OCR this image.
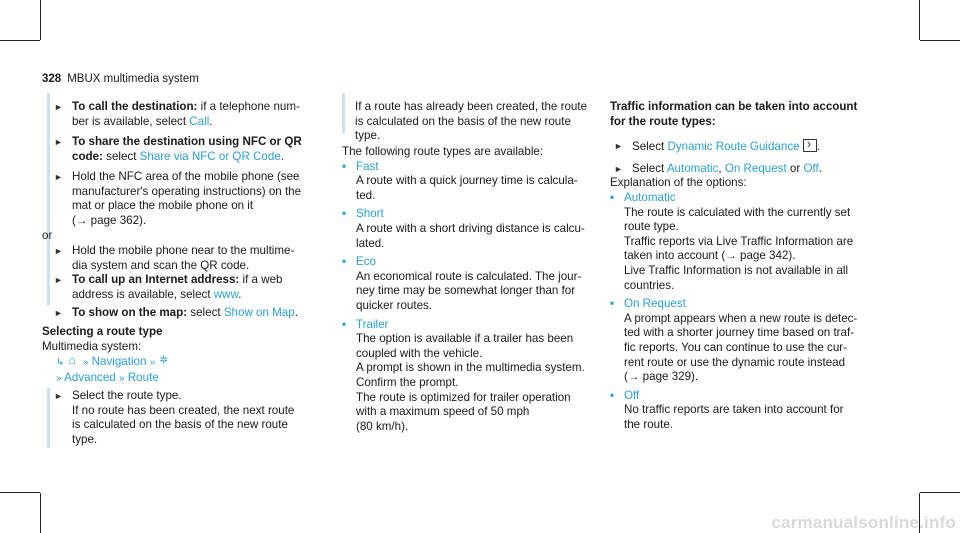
328 MBUX multimedia system
► To call the destination: if a telephone num-
ber is available, select Call.
► To share the destination using NFC or QR
code: select Share via NFC or QR Code.
► Hold the NFC area of the mobile phone (see
manufacturer's operating instructions) on the
mat or place the mobile phone on it
(→ page 362).
or
► Hold the mobile phone near to the multime-
dia system and scan the QR code.
► To call up an Internet address: if a web
address is available, select www.
► To show on the map: select Show on Map.
Selecting a route type
Multimedia system:
↳ » Navigation »

» Advanced » Route
► Select the route type.
If no route has been created, the next route
is calculated on the basis of the new route
type.
If a route has already been created, the route
is calculated on the basis of the new route
type.
The following route types are available:
• Fast
A route with a quick journey time is calcula-
ted.
• Short
A route with a short driving distance is calcu-
lated.
• Eco
An economical route is calculated. The jour-
ney time may be somewhat longer than for
quicker routes.
• Trailer
The option is available if a trailer has been
coupled with the vehicle.
A prompt is shown in the multimedia system.
Confirm the prompt.
The route is optimized for trailer operation
with a maximum speed of 50 mph
(80 km/h).
Traffic information can be taken into account
for the route types:
► Select Dynamic Route Guidance .
► Select Automatic, On Request or Off.
Explanation of the options:
• Automatic
The route is calculated with the currently set
route type.
Traffic reports via Live Traffic Information are
taken into account (→ page 342).
Live Traffic Information is not available in all
countries.
• On Request
A prompt appears when a new route is detec-
ted with a shorter journey time based on traf-
fic reports. You can continue to use the cur-
rent route or use the dynamic route instead
(→ page 329).
• Off
No traffic reports are taken into account for
the route.
carmanualsonline.info
